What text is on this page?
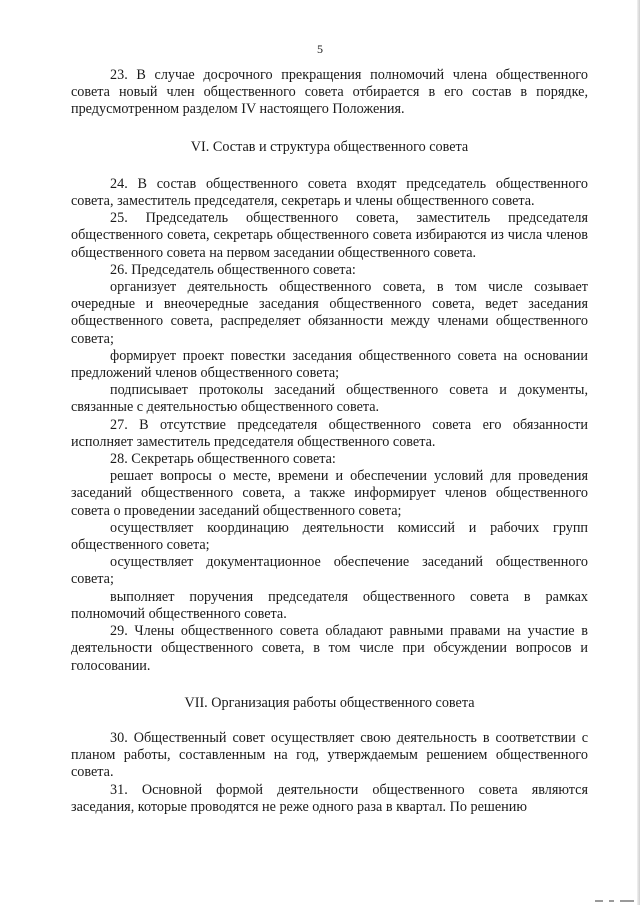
5

23. В случае досрочного прекращения полномочий члена общественного совета новый член общественного совета отбирается в его состав в порядке, предусмотренном разделом IV настоящего Положения.

VI. Состав и структура общественного совета

24. В состав общественного совета входят председатель общественного совета, заместитель председателя, секретарь и члены общественного совета.

25. Председатель общественного совета, заместитель председателя общественного совета, секретарь общественного совета избираются из числа членов общественного совета на первом заседании общественного совета.

26. Председатель общественного совета:

организует деятельность общественного совета, в том числе созывает очередные и внеочередные заседания общественного совета, ведет заседания общественного совета, распределяет обязанности между членами общественного совета;

формирует проект повестки заседания общественного совета на основании предложений членов общественного совета;

подписывает протоколы заседаний общественного совета и документы, связанные с деятельностью общественного совета.

27. В отсутствие председателя общественного совета его обязанности исполняет заместитель председателя общественного совета.

28. Секретарь общественного совета:

решает вопросы о месте, времени и обеспечении условий для проведения заседаний общественного совета, а также информирует членов общественного совета о проведении заседаний общественного совета;

осуществляет координацию деятельности комиссий и рабочих групп общественного совета;

осуществляет документационное обеспечение заседаний общественного совета;

выполняет поручения председателя общественного совета в рамках полномочий общественного совета.

29. Члены общественного совета обладают равными правами на участие в деятельности общественного совета, в том числе при обсуждении вопросов и голосовании.

VII. Организация работы общественного совета

30. Общественный совет осуществляет свою деятельность в соответствии с планом работы, составленным на год, утверждаемым решением общественного совета.

31. Основной формой деятельности общественного совета являются заседания, которые проводятся не реже одного раза в квартал. По решению
